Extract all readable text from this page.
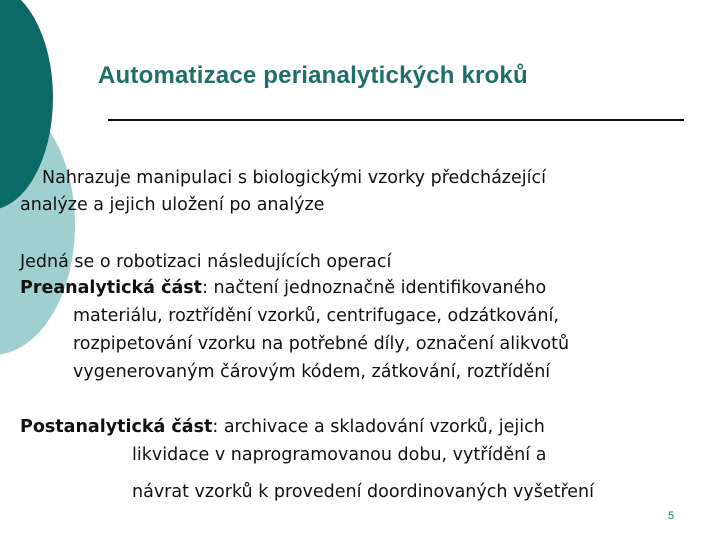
Automatizace perianalytických kroků
Nahrazuje manipulaci s biologickými vzorky předcházející
analýze a jejich uložení po analýze
Jedná se o robotizaci následujících operací
Preanalytická část: načtení jednoznačně identifikovaného
materiálu, roztřídění vzorků, centrifugace, odzátkování,
rozpipetování vzorku na potřebné díly, označení alikvotů
vygenerovaným čárovým kódem, zátkování, roztřídění
Postanalytická část: archivace a skladování vzorků, jejich
likvidace v naprogramovanou dobu, vytřídění a
návrat vzorků k provedení doordinovaných vyšetření
5
